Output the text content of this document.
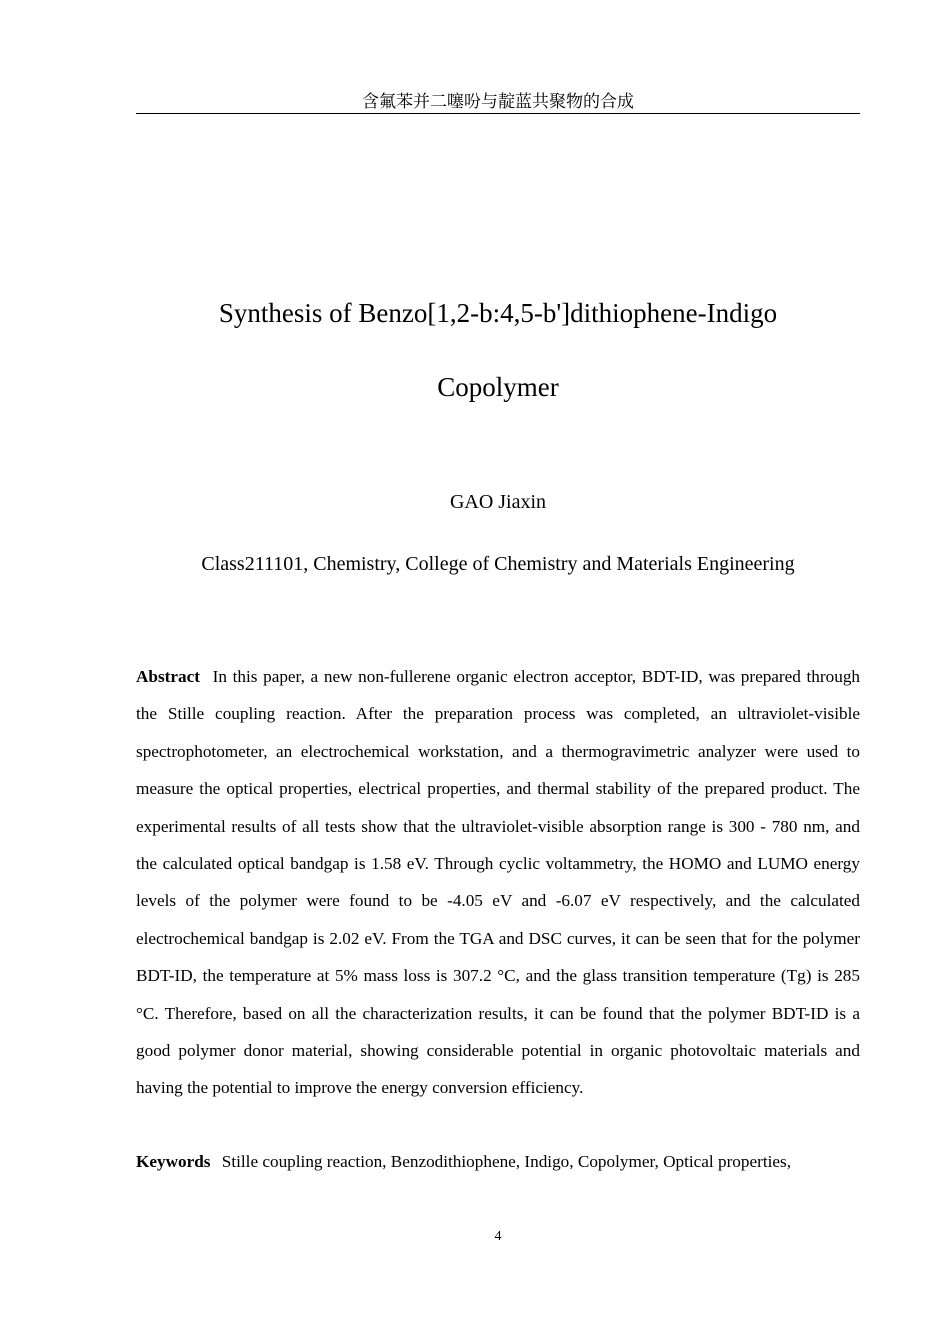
含氟苯并二噻吩与靛蓝共聚物的合成
Synthesis of Benzo[1,2-b:4,5-b']dithiophene-Indigo
Copolymer
GAO Jiaxin
Class211101, Chemistry, College of Chemistry and Materials Engineering

Abstract In this paper, a new non-fullerene organic electron acceptor, BDT-ID, was prepared through the Stille coupling reaction. After the preparation process was completed, an ultraviolet-visible spectrophotometer, an electrochemical workstation, and a thermogravimetric analyzer were used to measure the optical properties, electrical properties, and thermal stability of the prepared product. The experimental results of all tests show that the ultraviolet-visible absorption range is 300 - 780 nm, and the calculated optical bandgap is 1.58 eV. Through cyclic voltammetry, the HOMO and LUMO energy levels of the polymer were found to be -4.05 eV and -6.07 eV respectively, and the calculated electrochemical bandgap is 2.02 eV. From the TGA and DSC curves, it can be seen that for the polymer BDT-ID, the temperature at 5% mass loss is 307.2 °C, and the glass transition temperature (Tg) is 285 °C. Therefore, based on all the characterization results, it can be found that the polymer BDT-ID is a good polymer donor material, showing considerable potential in organic photovoltaic materials and having the potential to improve the energy conversion efficiency.

Keywords Stille coupling reaction, Benzodithiophene, Indigo, Copolymer, Optical properties,

4
